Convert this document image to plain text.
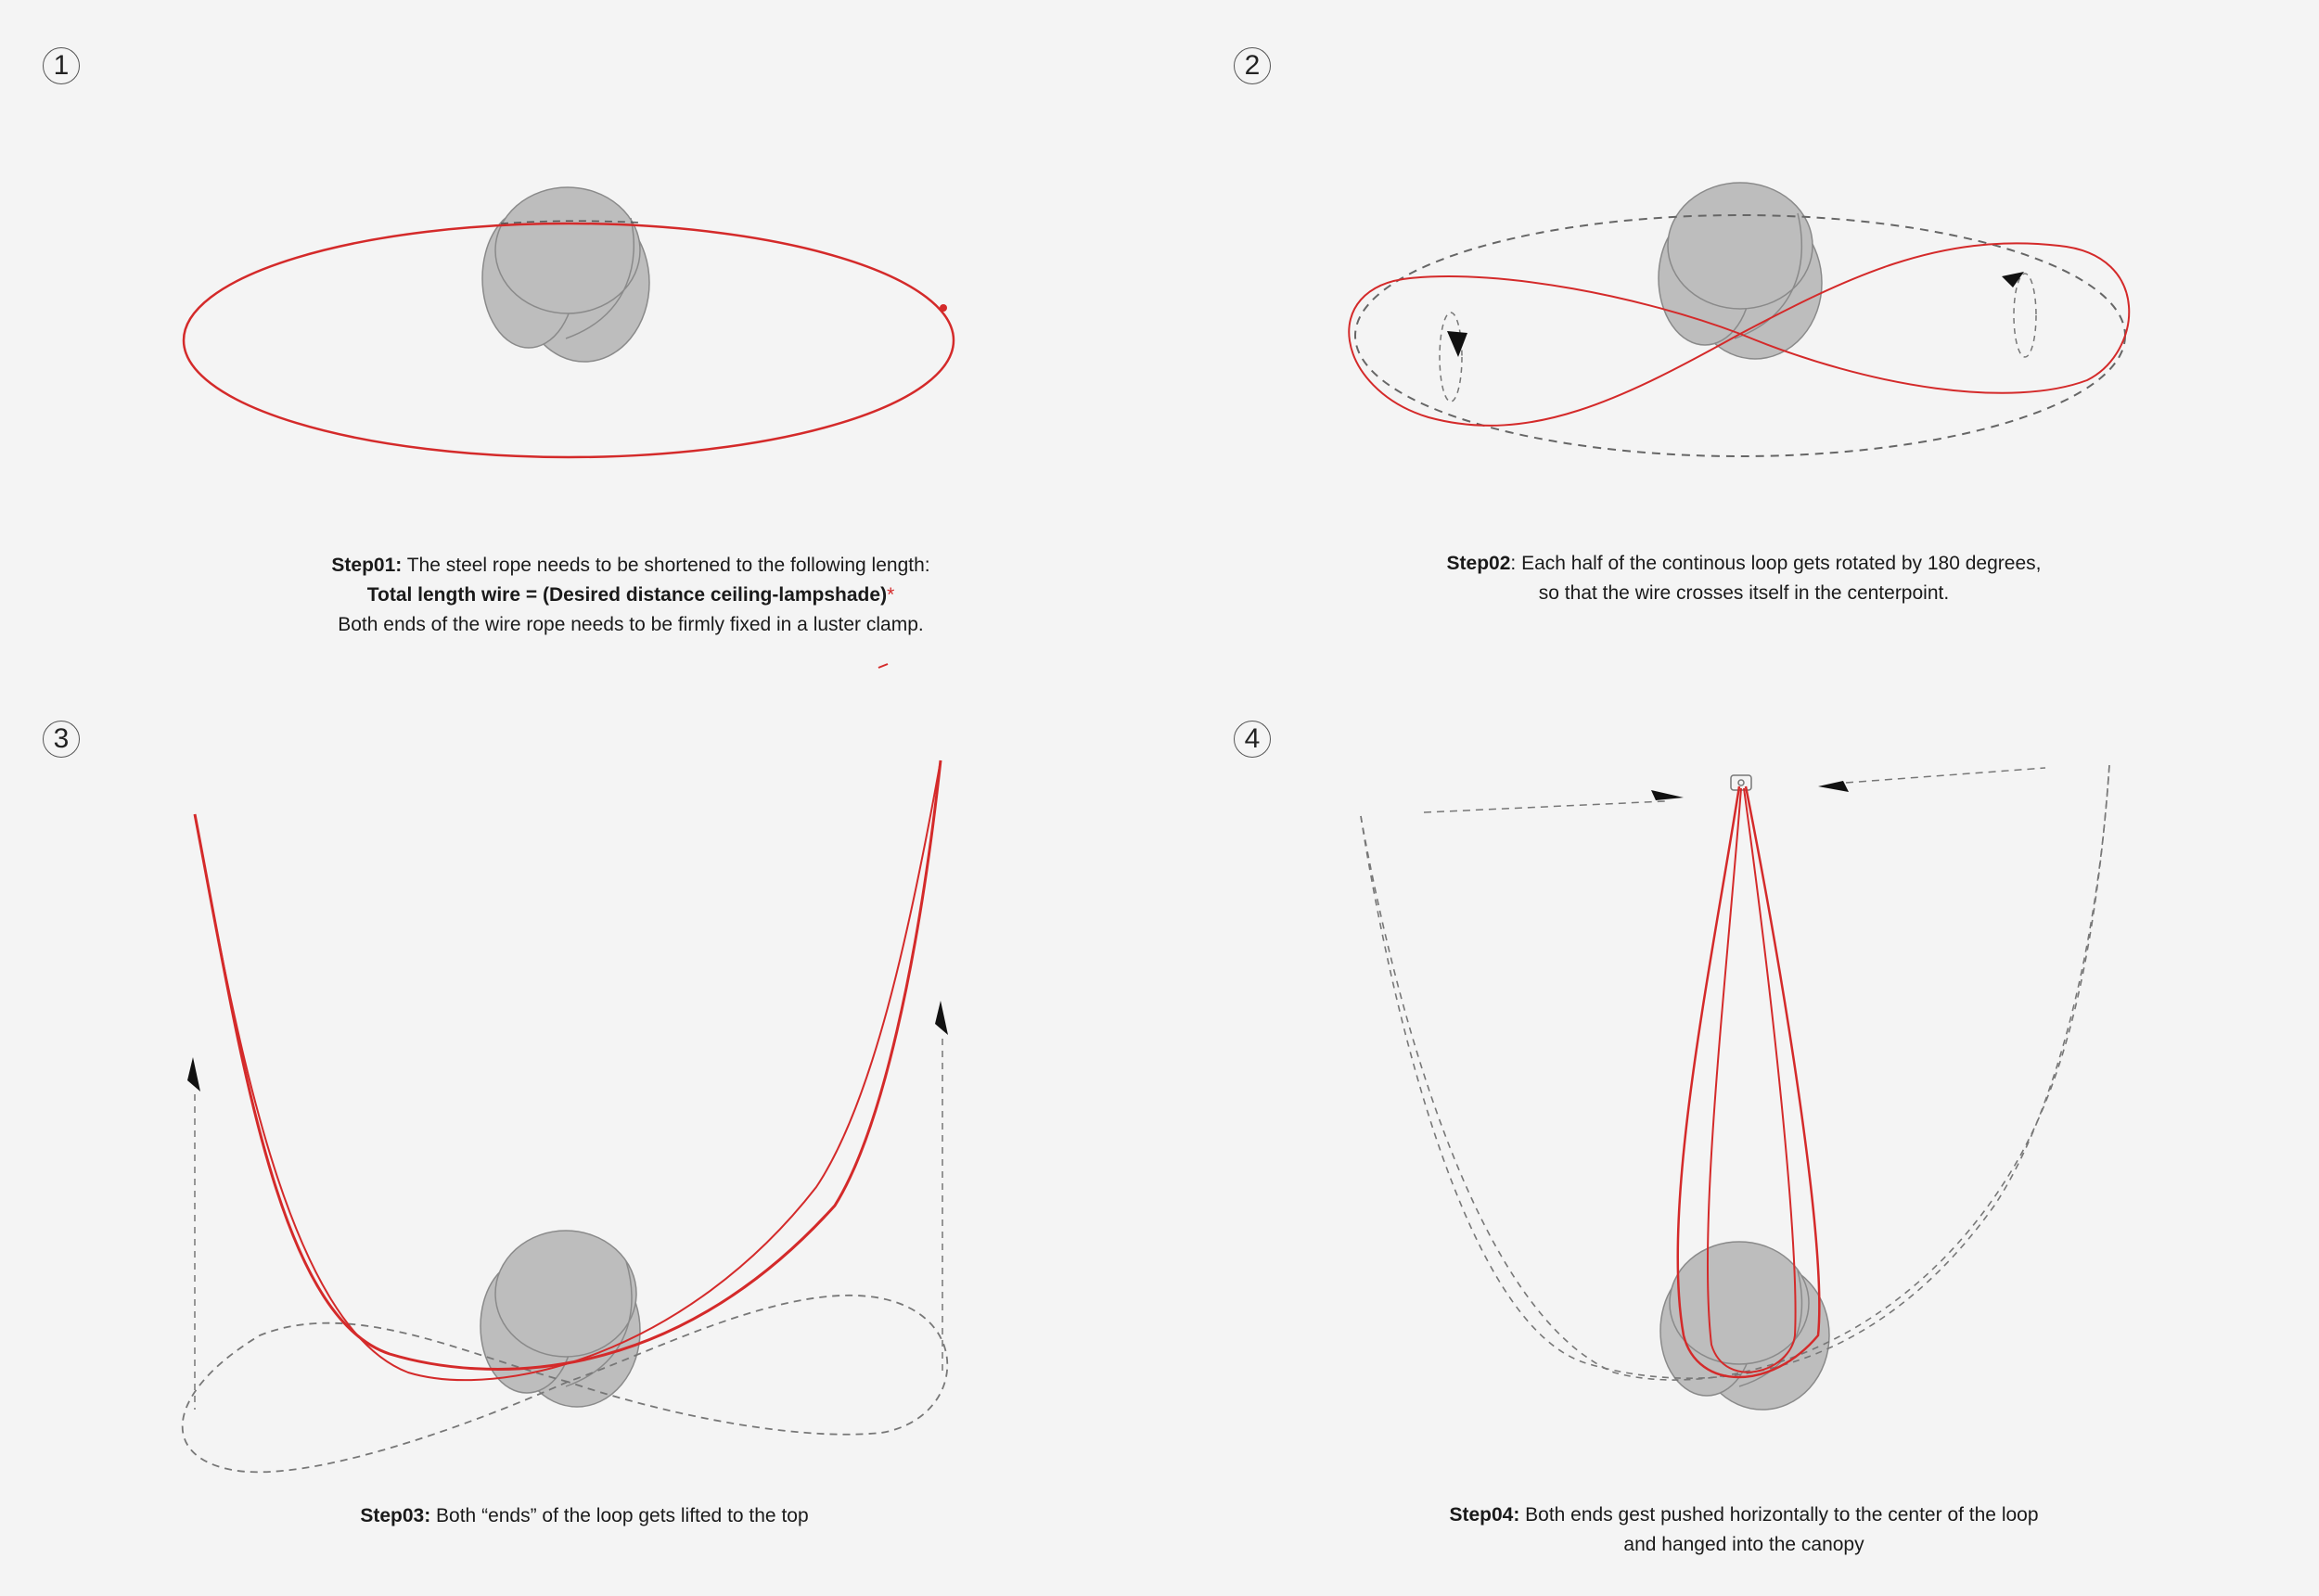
1
Step01: The steel rope needs to be shortened to the following length:
Total length wire = (Desired distance ceiling-lampshade)*
Both ends of the wire rope needs to be firmly fixed in a luster clamp.
2
Step02: Each half of the continous loop gets rotated by 180 degrees,
so that the wire crosses itself in the centerpoint.
3
Step03: Both “ends” of the loop gets lifted to the top
4
Step04: Both ends gest pushed horizontally to the center of the loop
and hanged into the canopy
